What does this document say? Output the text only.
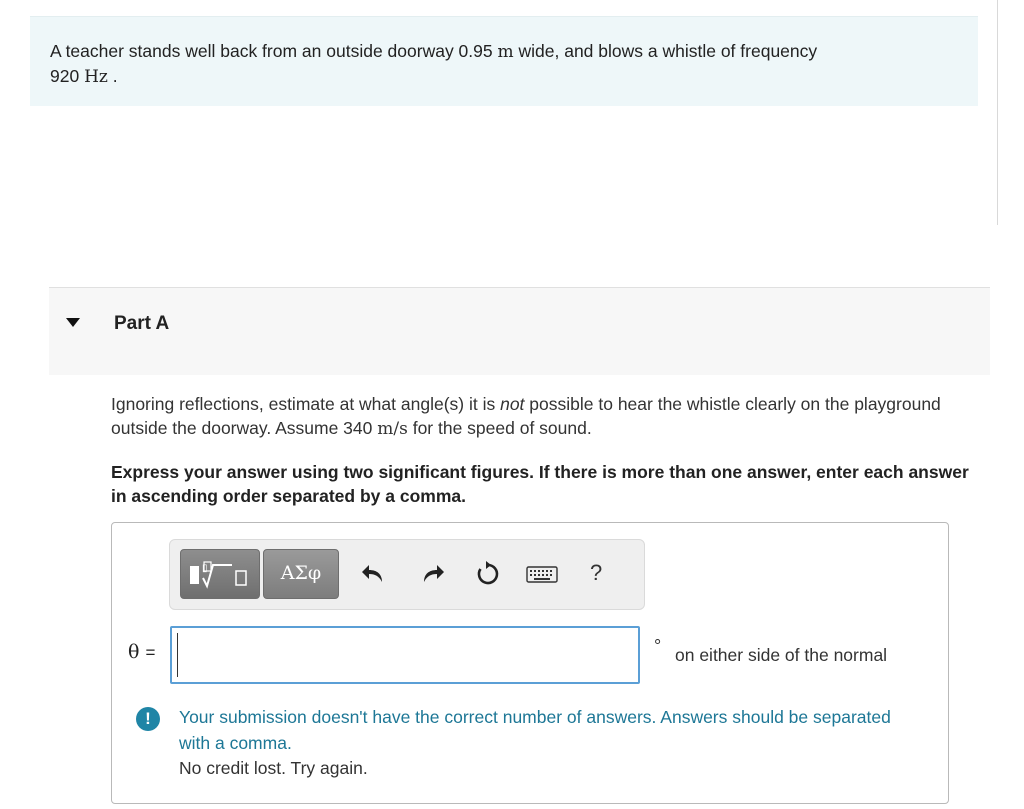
A teacher stands well back from an outside doorway 0.95 m wide, and blows a whistle of frequency
920 Hz .
Part A
Ignoring reflections, estimate at what angle(s) it is not possible to hear the whistle clearly on the playground outside the doorway. Assume 340 m/s for the speed of sound.
Express your answer using two significant figures. If there is more than one answer, enter each answer in ascending order separated by a comma.
▯	ΑΣφ	?
θ =	° on either side of the normal
!	Your submission doesn't have the correct number of answers. Answers should be separated with a comma.
No credit lost. Try again.
